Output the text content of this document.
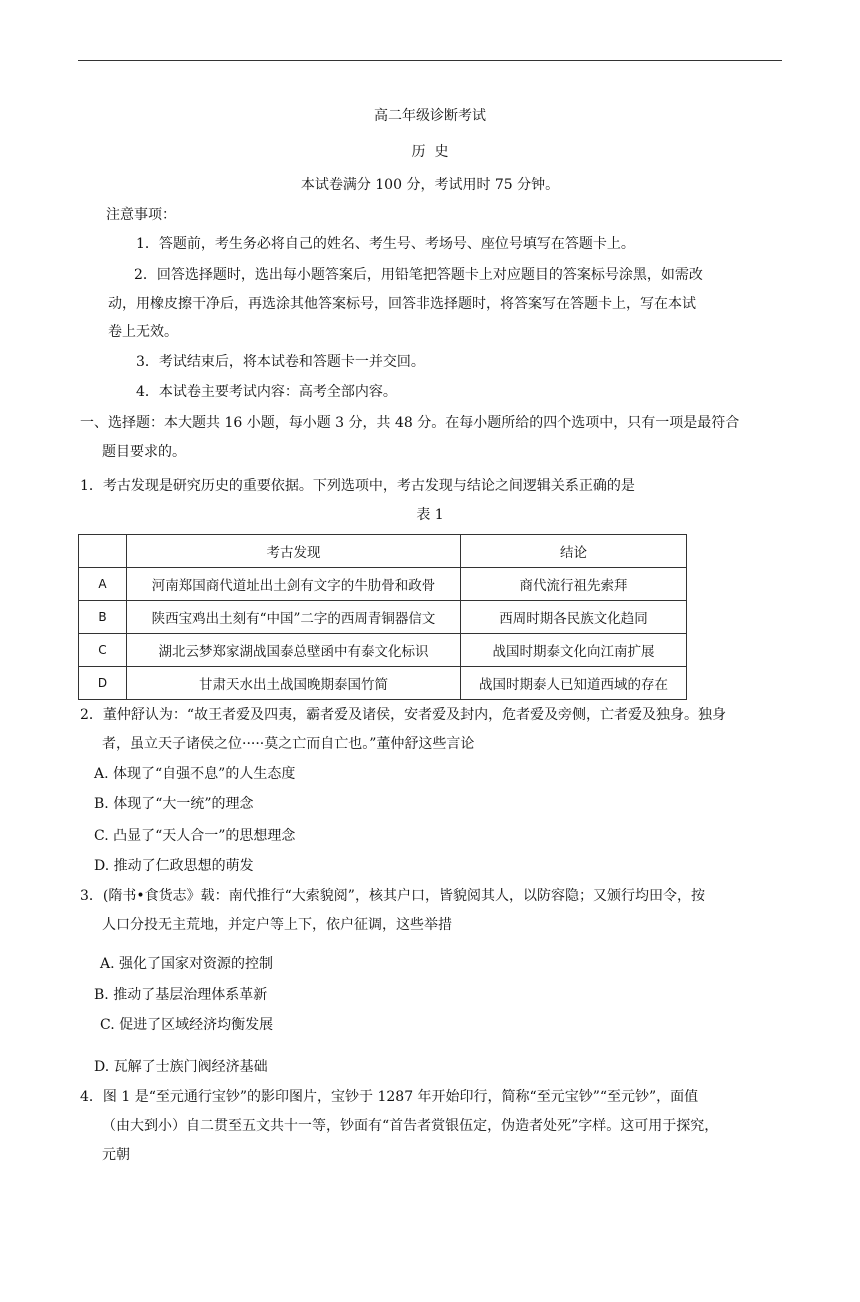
高二年级诊断考试
历  史
本试卷满分 100 分，考试用时 75 分钟。
注意事项：
1．答题前，考生务必将自己的姓名、考生号、考场号、座位号填写在答题卡上。
2．回答选择题时，选出每小题答案后，用铅笔把答题卡上对应题目的答案标号涂黑，如需改
动，用橡皮擦干净后，再选涂其他答案标号，回答非选择题时，将答案写在答题卡上，写在本试
卷上无效。
3．考试结束后，将本试卷和答题卡一并交回。
4．本试卷主要考试内容：高考全部内容。
一、选择题：本大题共 16 小题，每小题 3 分，共 48 分。在每小题所给的四个选项中，只有一项是最符合
题目要求的。
1．考古发现是研究历史的重要依据。下列选项中，考古发现与结论之间逻辑关系正确的是
表 1
	考古发现	结论
A	河南郑国商代道址出土剑有文字的牛肋骨和政骨	商代流行祖先索拜
B	陕西宝鸡出土刻有“中国”二字的西周青铜器信文	西周时期各民族文化趋同
C	湖北云梦郑家湖战国泰总壁函中有泰文化标识	战国时期泰文化向江南扩展
D	甘肃天水出土战国晚期泰国竹简	战国时期泰人已知道西域的存在
2．董仲舒认为：“故王者爱及四夷，霸者爱及诸侯，安者爱及封内，危者爱及旁侧，亡者爱及独身。独身
者，虽立天子诸侯之位·····莫之亡而自亡也。”董仲舒这些言论
A. 体现了“自强不息”的人生态度
B. 体现了“大一统”的理念
C. 凸显了“天人合一”的思想理念
D. 推动了仁政思想的萌发
3．(隋书•食货志》载：南代推行“大索貌阅”，核其户口，皆貌阅其人，以防容隐；又颁行均田令，按
人口分投无主荒地，并定户等上下，依户征调，这些举措
A. 强化了国家对资源的控制
B. 推动了基层治理体系革新
C. 促进了区域经济均衡发展
D. 瓦解了士族门阀经济基础
4．图 1 是“至元通行宝钞”的影印图片，宝钞于 1287 年开始印行，简称“至元宝钞”“至元钞”，面值
（由大到小）自二贯至五文共十一等，钞面有“首告者赏银伍定，伪造者处死”字样。这可用于探究，
元朝
